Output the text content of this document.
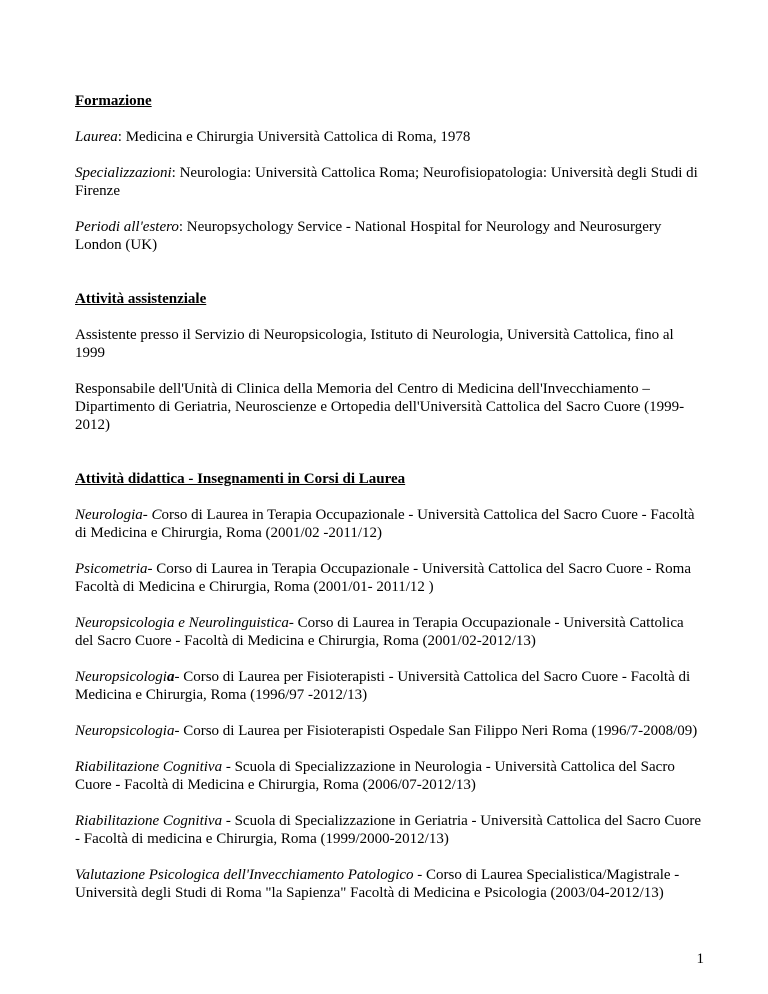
Formazione
Laurea: Medicina e Chirurgia Università Cattolica di Roma, 1978
Specializzazioni: Neurologia: Università Cattolica Roma; Neurofisiopatologia: Università degli Studi di Firenze
Periodi all'estero: Neuropsychology Service - National Hospital for Neurology and Neurosurgery London (UK)
Attività assistenziale
Assistente presso il Servizio di Neuropsicologia, Istituto di Neurologia, Università Cattolica, fino al 1999
Responsabile dell'Unità di Clinica della Memoria del Centro di Medicina dell'Invecchiamento – Dipartimento di Geriatria, Neuroscienze e Ortopedia dell'Università Cattolica del Sacro Cuore (1999-2012)
Attività didattica - Insegnamenti in Corsi di Laurea
Neurologia- Corso di Laurea in Terapia Occupazionale - Università Cattolica del Sacro Cuore - Facoltà di Medicina e Chirurgia, Roma (2001/02 -2011/12)
Psicometria- Corso di Laurea in Terapia Occupazionale - Università Cattolica del Sacro Cuore - Roma Facoltà di Medicina e Chirurgia, Roma (2001/01- 2011/12 )
Neuropsicologia e Neurolinguistica- Corso di Laurea in Terapia Occupazionale - Università Cattolica del Sacro Cuore - Facoltà di Medicina e Chirurgia, Roma (2001/02-2012/13)
Neuropsicologia- Corso di Laurea per Fisioterapisti - Università Cattolica del Sacro Cuore - Facoltà di Medicina e Chirurgia, Roma (1996/97 -2012/13)
Neuropsicologia- Corso di Laurea per Fisioterapisti Ospedale San Filippo Neri Roma (1996/7-2008/09)
Riabilitazione Cognitiva - Scuola di Specializzazione in Neurologia - Università Cattolica del Sacro Cuore - Facoltà di Medicina e Chirurgia, Roma (2006/07-2012/13)
Riabilitazione Cognitiva - Scuola di Specializzazione in Geriatria - Università Cattolica del Sacro Cuore - Facoltà di medicina e Chirurgia, Roma (1999/2000-2012/13)
Valutazione Psicologica dell'Invecchiamento Patologico - Corso di Laurea Specialistica/Magistrale - Università degli Studi di Roma "la Sapienza" Facoltà di Medicina e Psicologia (2003/04-2012/13)
1
